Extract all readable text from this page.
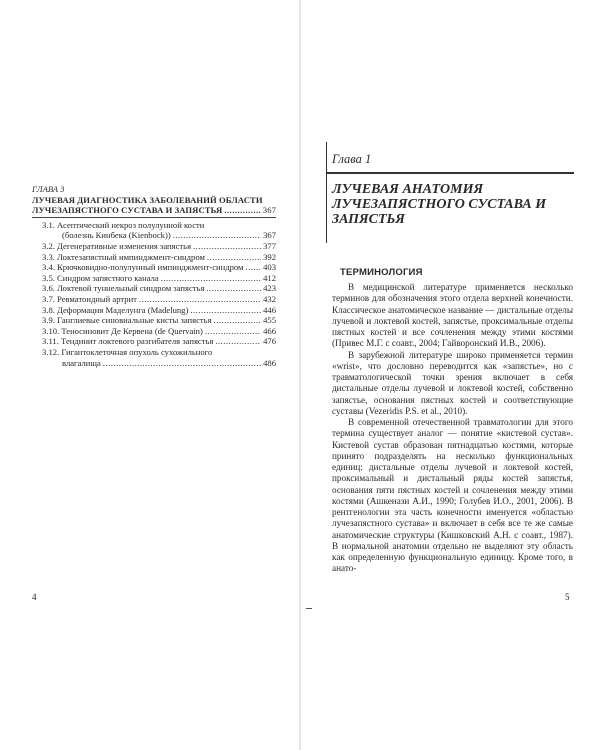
ГЛАВА 3
ЛУЧЕВАЯ ДИАГНОСТИКА ЗАБОЛЕВАНИЙ ОБЛАСТИ
ЛУЧЕЗАПЯСТНОГО СУСТАВА И ЗАПЯСТЬЯ .....	367
3.1. Асептический некроз полулунной кости
(болезнь Кинбека (Kienbock)) .....	367
3.2. Дегенеративные изменения запястья .....	377
3.3. Локтезапястный импинджмент-синдром .....	392
3.4. Крючковидно-полулунный импинджмент-синдром ..... 403
3.5. Синдром запястного канала .....	412
3.6. Локтевой туннельный синдром запястья .....	423
3.7. Ревматоидный артрит .....	432
3.8. Деформация Маделунга (Madelung) .....	446
3.9. Ганглиевые синовиальные кисты запястья .....	455
3.10. Теносиновит Де Кервена (de Quervain) .....	466
3.11. Тендинит локтевого разгибателя запястья .....	476
3.12. Гигантоклеточная опухоль сухожильного
влагалища .....	486
4
Глава 1
ЛУЧЕВАЯ АНАТОМИЯ ЛУЧЕЗАПЯСТНОГО СУСТАВА И ЗАПЯСТЬЯ
ТЕРМИНОЛОГИЯ

В медицинской литературе применяется несколько терминов для обозначения этого отдела верхней конечности. Классическое анатомическое название — дистальные отделы лучевой и локтевой костей, запястье, проксимальные отделы пястных костей и все сочленения между этими костями (Привес М.Г. с соавт., 2004; Гайворонский И.В., 2006).

В зарубежной литературе широко применяется термин «wrist», что дословно переводится как «запястье», но с травматологической точки зрения включает в себя дистальные отделы лучевой и локтевой костей, собственно запястье, основания пястных костей и соответствующие суставы (Vezeridis P.S. et al., 2010).

В современной отечественной травматологии для этого термина существует аналог — понятие «кистевой сустав». Кистевой сустав образован пятнадцатью костями, которые принято подразделять на несколько функциональных единиц: дистальные отделы лучевой и локтевой костей, проксимальный и дистальный ряды костей запястья, основания пяти пястных костей и сочленения между этими костями (Ашкенази А.И., 1990; Голубев И.О., 2001, 2006). В рентгенологии эта часть конечности именуется «областью лучезапястного сустава» и включает в себя все те же самые анатомические структуры (Кишковский А.Н. с соавт., 1987). В нормальной анатомии отдельно не выделяют эту область как определенную функциональную единицу. Кроме того, в анато-

5
